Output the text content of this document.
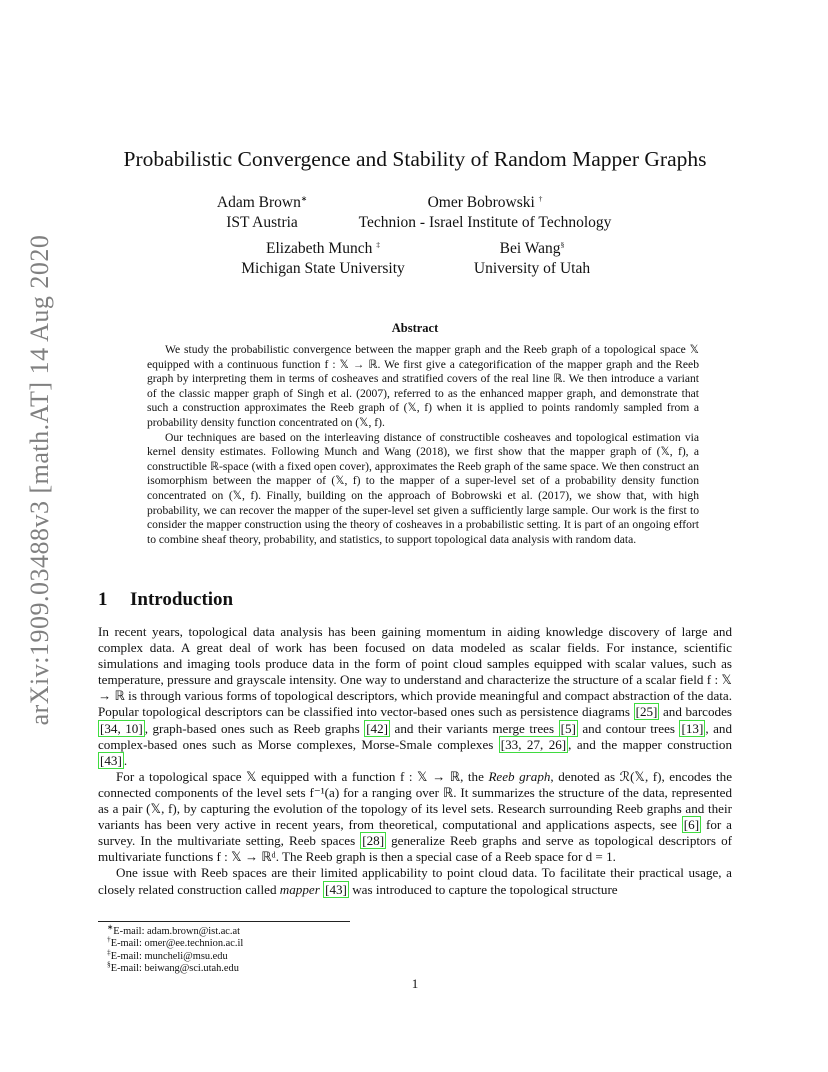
arXiv:1909.03488v3 [math.AT] 14 Aug 2020
Probabilistic Convergence and Stability of Random Mapper Graphs
Adam Brown∗
IST Austria
Omer Bobrowski †
Technion - Israel Institute of Technology
Elizabeth Munch ‡
Michigan State University
Bei Wang§
University of Utah
Abstract

We study the probabilistic convergence between the mapper graph and the Reeb graph of a topological space 𝕏 equipped with a continuous function f : 𝕏 → ℝ. We first give a categorification of the mapper graph and the Reeb graph by interpreting them in terms of cosheaves and stratified covers of the real line ℝ. We then introduce a variant of the classic mapper graph of Singh et al. (2007), referred to as the enhanced mapper graph, and demonstrate that such a construction approximates the Reeb graph of (𝕏, f) when it is applied to points randomly sampled from a probability density function concentrated on (𝕏, f).

Our techniques are based on the interleaving distance of constructible cosheaves and topological estimation via kernel density estimates. Following Munch and Wang (2018), we first show that the mapper graph of (𝕏, f), a constructible ℝ-space (with a fixed open cover), approximates the Reeb graph of the same space. We then construct an isomorphism between the mapper of (𝕏, f) to the mapper of a super-level set of a probability density function concentrated on (𝕏, f). Finally, building on the approach of Bobrowski et al. (2017), we show that, with high probability, we can recover the mapper of the super-level set given a sufficiently large sample. Our work is the first to consider the mapper construction using the theory of cosheaves in a probabilistic setting. It is part of an ongoing effort to combine sheaf theory, probability, and statistics, to support topological data analysis with random data.

1 Introduction

In recent years, topological data analysis has been gaining momentum in aiding knowledge discovery of large and complex data. A great deal of work has been focused on data modeled as scalar fields. For instance, scientific simulations and imaging tools produce data in the form of point cloud samples equipped with scalar values, such as temperature, pressure and grayscale intensity. One way to understand and characterize the structure of a scalar field f : 𝕏 → ℝ is through various forms of topological descriptors, which provide meaningful and compact abstraction of the data. Popular topological descriptors can be classified into vector-based ones such as persistence diagrams [25] and barcodes [34, 10] , graph-based ones such as Reeb graphs [42] and their variants merge trees [5] and contour trees [13] , and complex-based ones such as Morse complexes, Morse-Smale complexes [33, 27, 26] , and the mapper construction [43] .

For a topological space 𝕏 equipped with a function f : 𝕏 → ℝ, the Reeb graph, denoted as ℛ(𝕏, f), encodes the connected components of the level sets f⁻¹(a) for a ranging over ℝ. It summarizes the structure of the data, represented as a pair (𝕏, f), by capturing the evolution of the topology of its level sets. Research surrounding Reeb graphs and their variants has been very active in recent years, from theoretical, computational and applications aspects, see [6] for a survey. In the multivariate setting, Reeb spaces [28] generalize Reeb graphs and serve as topological descriptors of multivariate functions f : 𝕏 → ℝᵈ. The Reeb graph is then a special case of a Reeb space for d = 1.

One issue with Reeb spaces are their limited applicability to point cloud data. To facilitate their practical usage, a closely related construction called mapper [43] was introduced to capture the topological structure

∗E-mail: adam.brown@ist.ac.at
†E-mail: omer@ee.technion.ac.il
‡E-mail: muncheli@msu.edu
§E-mail: beiwang@sci.utah.edu
1
